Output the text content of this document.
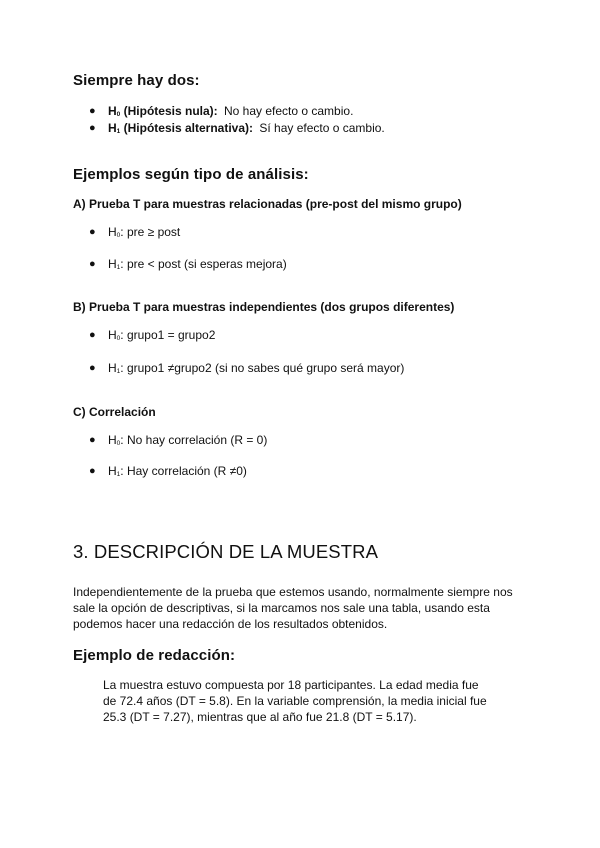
Siempre hay dos:
● H0 (Hipótesis nula): No hay efecto o cambio.
● H1 (Hipótesis alternativa): Sí hay efecto o cambio.
Ejemplos según tipo de análisis:
A) Prueba T para muestras relacionadas (pre-post del mismo grupo)
● H0: pre ≥ post
● H1: pre < post (si esperas mejora)
B) Prueba T para muestras independientes (dos grupos diferentes)
● H0: grupo1 = grupo2
● H1: grupo1 ≠grupo2 (si no sabes qué grupo será mayor)
C) Correlación
● H0: No hay correlación (R = 0)
● H1: Hay correlación (R ≠0)
3. DESCRIPCIÓN DE LA MUESTRA
Independientemente de la prueba que estemos usando, normalmente siempre nos
sale la opción de descriptivas, si la marcamos nos sale una tabla, usando esta
podemos hacer una redacción de los resultados obtenidos.
Ejemplo de redacción:
La muestra estuvo compuesta por 18 participantes. La edad media fue
de 72.4 años (DT = 5.8). En la variable comprensión, la media inicial fue
25.3 (DT = 7.27), mientras que al año fue 21.8 (DT = 5.17).
